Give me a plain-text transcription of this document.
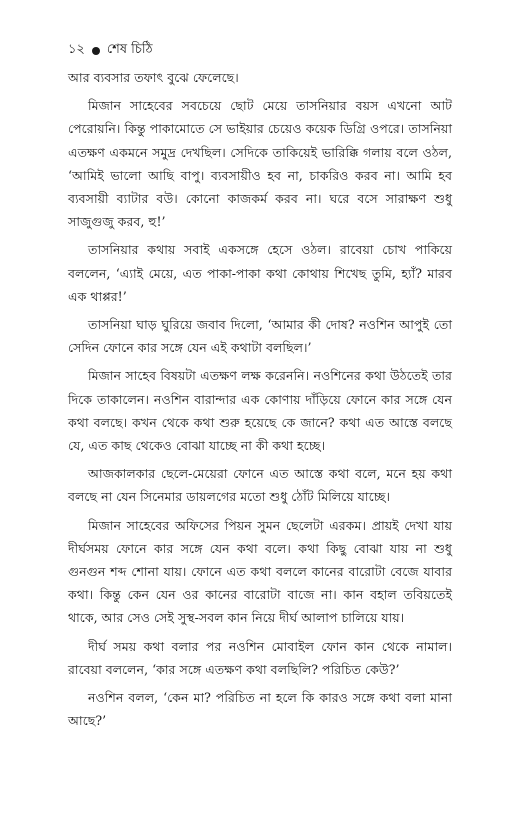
১২ শেষ চিঠি

আর ব্যবসার তফাৎ বুঝে ফেলেছে।

মিজান সাহেবের সবচেয়ে ছোট মেয়ে তাসনিয়ার বয়স এখনো আট পেরোয়নি। কিন্তু পাকামোতে সে ভাইয়ার চেয়েও কয়েক ডিগ্রি ওপরে। তাসনিয়া এতক্ষণ একমনে সমুদ্র দেখছিল। সেদিকে তাকিয়েই ভারিক্কি গলায় বলে ওঠল, ‘আমিই ভালো আছি বাপু। ব্যবসায়ীও হব না, চাকরিও করব না। আমি হব ব্যবসায়ী ব্যাটার বউ। কোনো কাজকর্ম করব না। ঘরে বসে সারাক্ষণ শুধু সাজুগুজু করব, হু!’

তাসনিয়ার কথায় সবাই একসঙ্গে হেসে ওঠল। রাবেয়া চোখ পাকিয়ে বললেন, ‘এ্যাই মেয়ে, এত পাকা-পাকা কথা কোথায় শিখেছ তুমি, হ্যাঁ? মারব এক থাপ্পর!’

তাসনিয়া ঘাড় ঘুরিয়ে জবাব দিলো, ‘আমার কী দোষ? নওশিন আপুই তো সেদিন ফোনে কার সঙ্গে যেন এই কথাটা বলছিল।’

মিজান সাহেব বিষয়টা এতক্ষণ লক্ষ করেননি। নওশিনের কথা উঠতেই তার দিকে তাকালেন। নওশিন বারান্দার এক কোণায় দাঁড়িয়ে ফোনে কার সঙ্গে যেন কথা বলছে। কখন থেকে কথা শুরু হয়েছে কে জানে? কথা এত আস্তে বলছে যে, এত কাছ থেকেও বোঝা যাচ্ছে না কী কথা হচ্ছে।

আজকালকার ছেলে-মেয়েরা ফোনে এত আস্তে কথা বলে, মনে হয় কথা বলছে না যেন সিনেমার ডায়লগের মতো শুধু ঠোঁট মিলিয়ে যাচ্ছে।

মিজান সাহেবের অফিসের পিয়ন সুমন ছেলেটা এরকম। প্রায়ই দেখা যায় দীর্ঘসময় ফোনে কার সঙ্গে যেন কথা বলে। কথা কিছু বোঝা যায় না শুধু গুনগুন শব্দ শোনা যায়। ফোনে এত কথা বললে কানের বারোটা বেজে যাবার কথা। কিন্তু কেন যেন ওর কানের বারোটা বাজে না। কান বহাল তবিয়তেই থাকে, আর সেও সেই সুস্থ-সবল কান নিয়ে দীর্ঘ আলাপ চালিয়ে যায়।

দীর্ঘ সময় কথা বলার পর নওশিন মোবাইল ফোন কান থেকে নামাল। রাবেয়া বললেন, ‘কার সঙ্গে এতক্ষণ কথা বলছিলি? পরিচিত কেউ?’

নওশিন বলল, ‘কেন মা? পরিচিত না হলে কি কারও সঙ্গে কথা বলা মানা আছে?’
